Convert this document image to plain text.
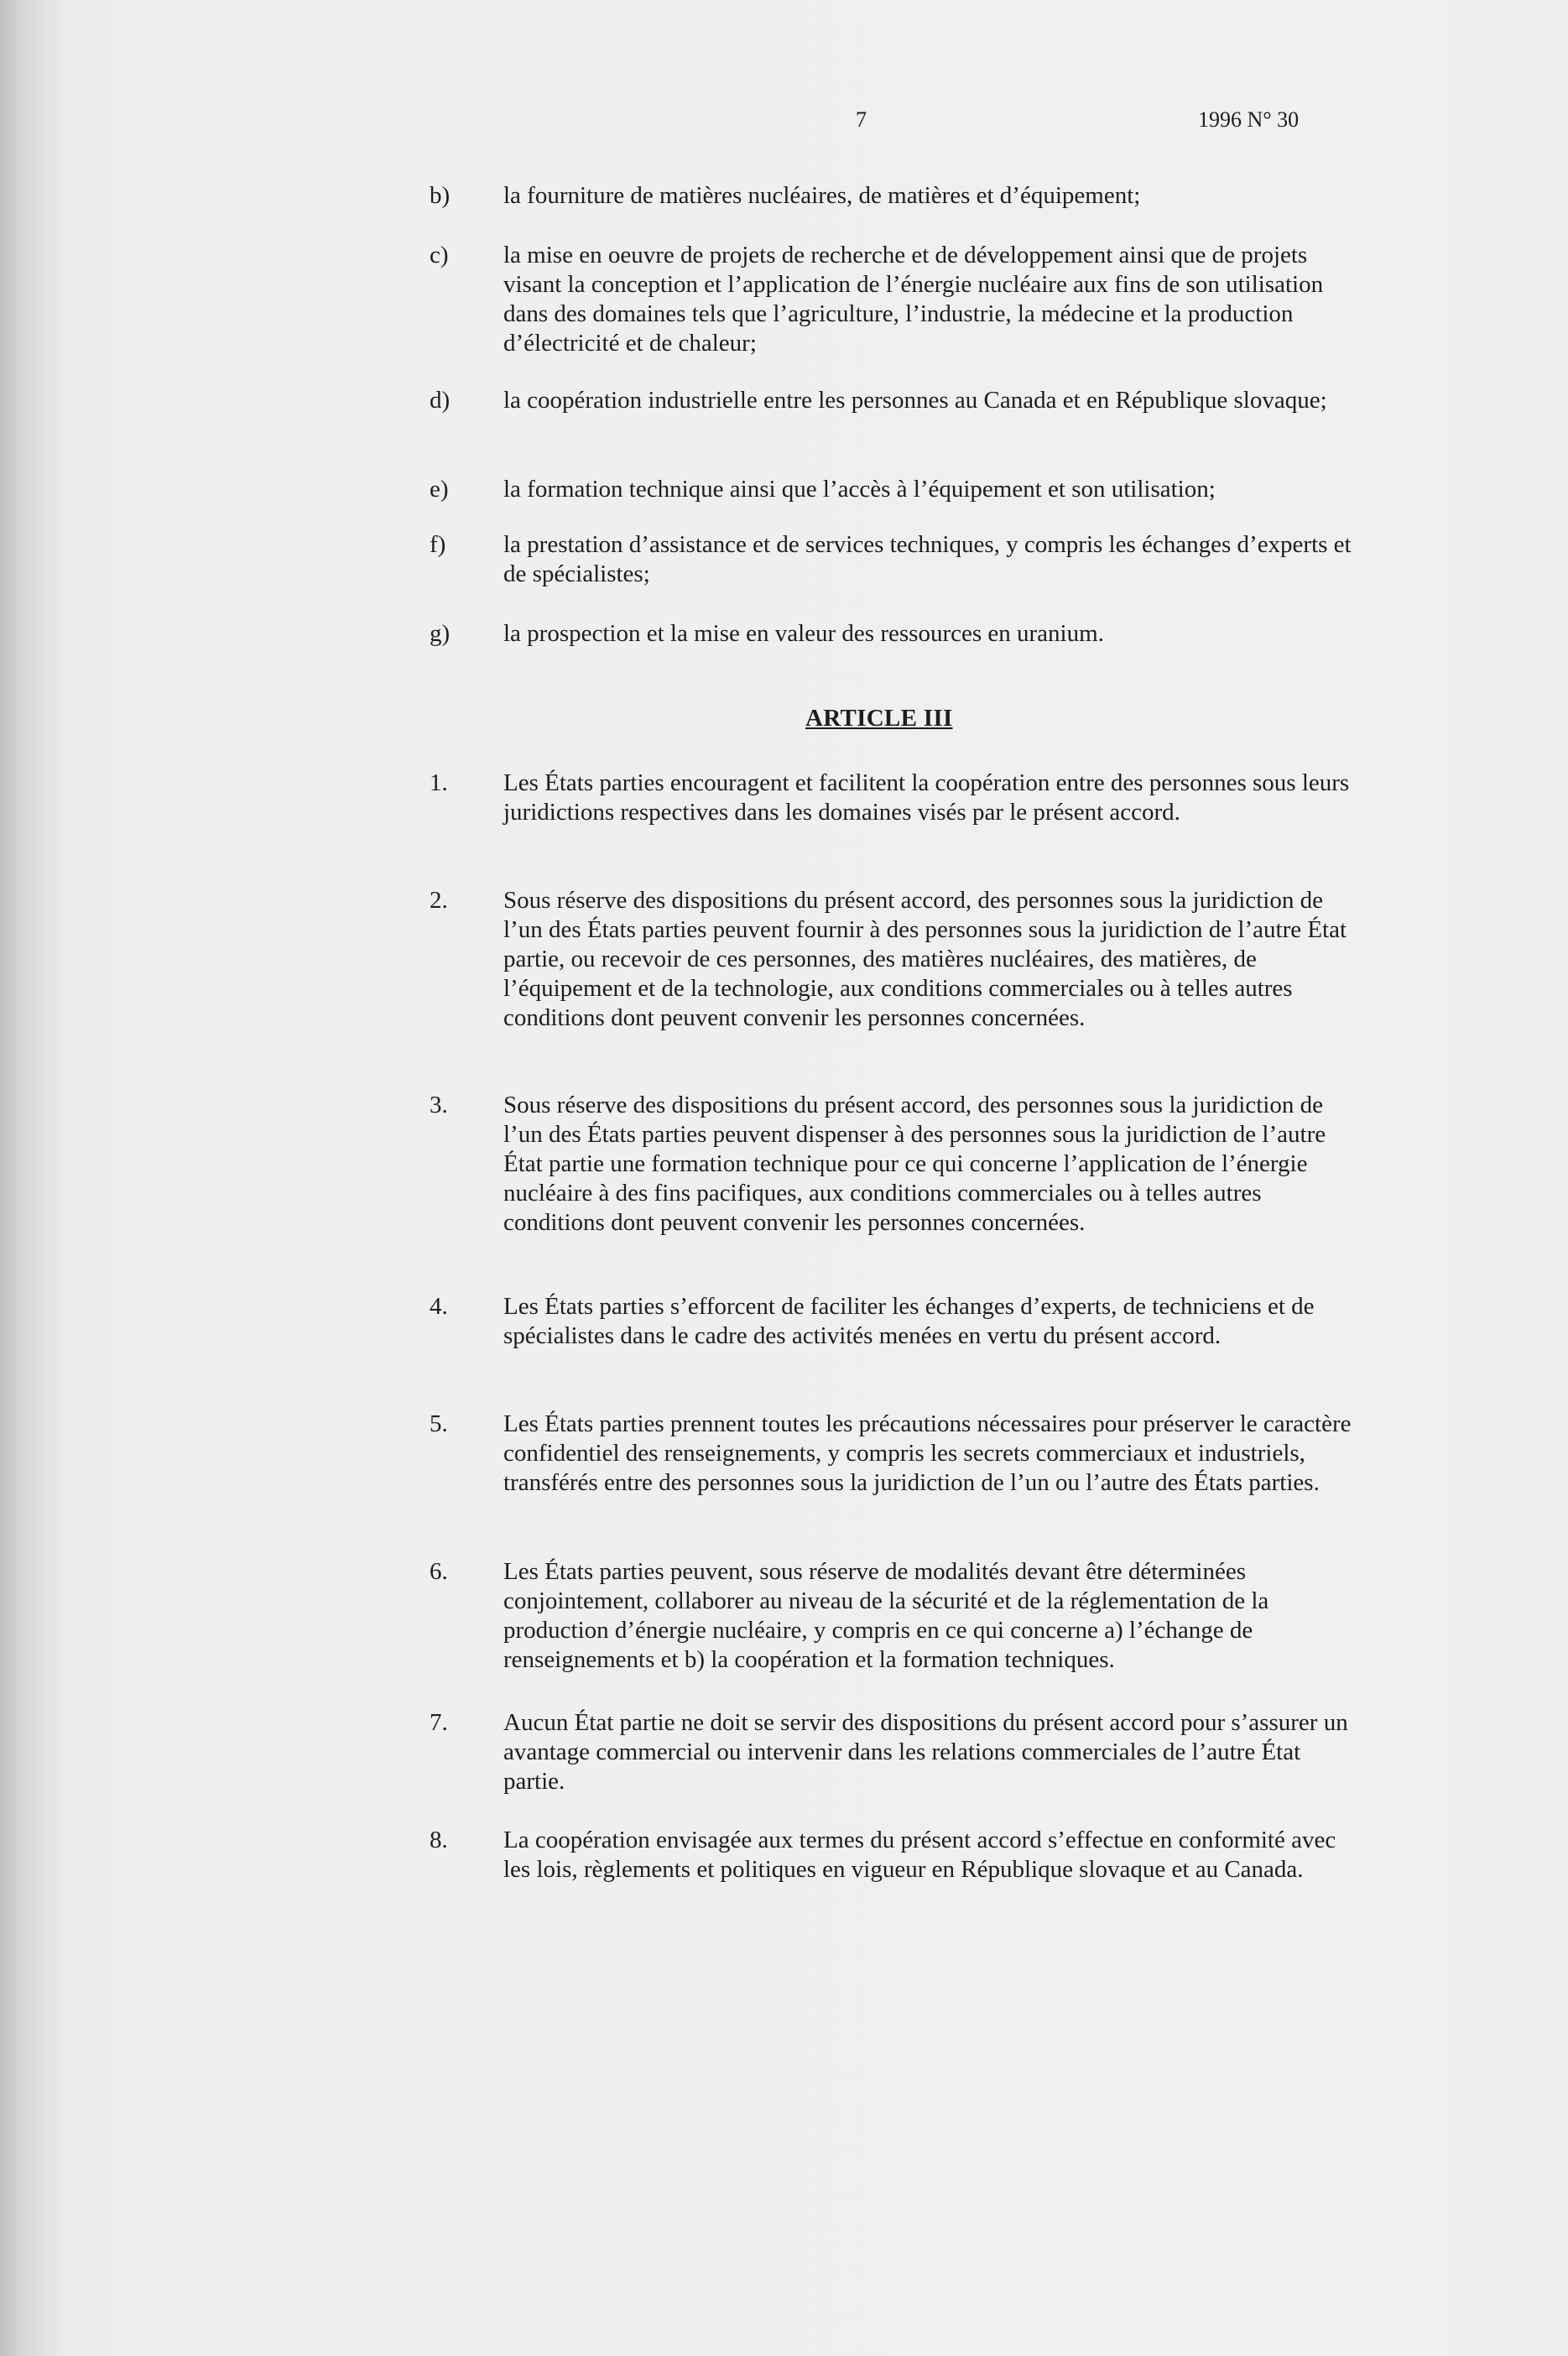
7	1996 N° 30
b) la fourniture de matières nucléaires, de matières et d’équipement;
c) la mise en oeuvre de projets de recherche et de développement ainsi que de projets visant la conception et l’application de l’énergie nucléaire aux fins de son utilisation dans des domaines tels que l’agriculture, l’industrie, la médecine et la production d’électricité et de chaleur;
d) la coopération industrielle entre les personnes au Canada et en République slovaque;
e) la formation technique ainsi que l’accès à l’équipement et son utilisation;
f) la prestation d’assistance et de services techniques, y compris les échanges d’experts et de spécialistes;
g) la prospection et la mise en valeur des ressources en uranium.
ARTICLE III
1. Les États parties encouragent et facilitent la coopération entre des personnes sous leurs juridictions respectives dans les domaines visés par le présent accord.
2. Sous réserve des dispositions du présent accord, des personnes sous la juridiction de l’un des États parties peuvent fournir à des personnes sous la juridiction de l’autre État partie, ou recevoir de ces personnes, des matières nucléaires, des matières, de l’équipement et de la technologie, aux conditions commerciales ou à telles autres conditions dont peuvent convenir les personnes concernées.
3. Sous réserve des dispositions du présent accord, des personnes sous la juridiction de l’un des États parties peuvent dispenser à des personnes sous la juridiction de l’autre État partie une formation technique pour ce qui concerne l’application de l’énergie nucléaire à des fins pacifiques, aux conditions commerciales ou à telles autres conditions dont peuvent convenir les personnes concernées.
4. Les États parties s’efforcent de faciliter les échanges d’experts, de techniciens et de spécialistes dans le cadre des activités menées en vertu du présent accord.
5. Les États parties prennent toutes les précautions nécessaires pour préserver le caractère confidentiel des renseignements, y compris les secrets commerciaux et industriels, transférés entre des personnes sous la juridiction de l’un ou l’autre des États parties.
6. Les États parties peuvent, sous réserve de modalités devant être déterminées conjointement, collaborer au niveau de la sécurité et de la réglementation de la production d’énergie nucléaire, y compris en ce qui concerne a) l’échange de renseignements et b) la coopération et la formation techniques.
7. Aucun État partie ne doit se servir des dispositions du présent accord pour s’assurer un avantage commercial ou intervenir dans les relations commerciales de l’autre État partie.
8. La coopération envisagée aux termes du présent accord s’effectue en conformité avec les lois, règlements et politiques en vigueur en République slovaque et au Canada.
